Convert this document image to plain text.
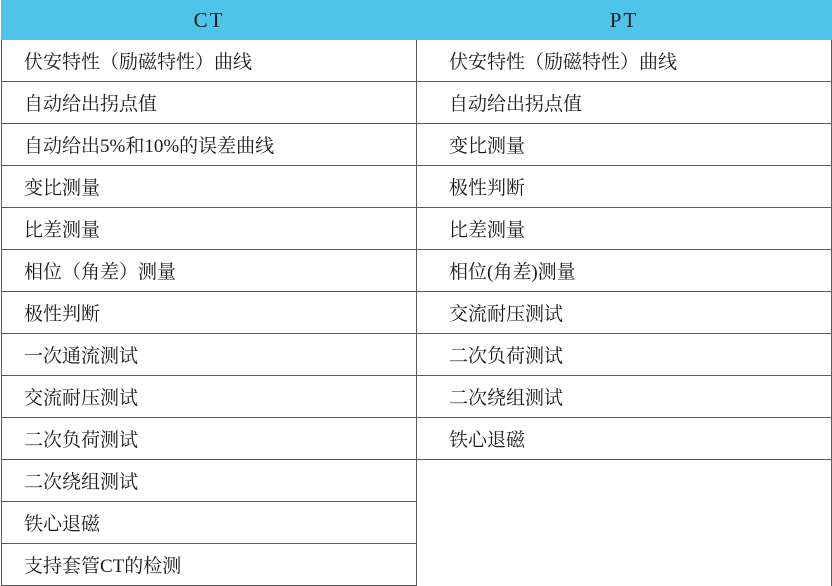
CT	PT
伏安特性（励磁特性）曲线	伏安特性（励磁特性）曲线
自动给出拐点值	自动给出拐点值
自动给出5%和10%的误差曲线	变比测量
变比测量	极性判断
比差测量	比差测量
相位（角差）测量	相位(角差)测量
极性判断	交流耐压测试
一次通流测试	二次负荷测试
交流耐压测试	二次绕组测试
二次负荷测试	铁心退磁
二次绕组测试	
铁心退磁	
支持套管CT的检测	
